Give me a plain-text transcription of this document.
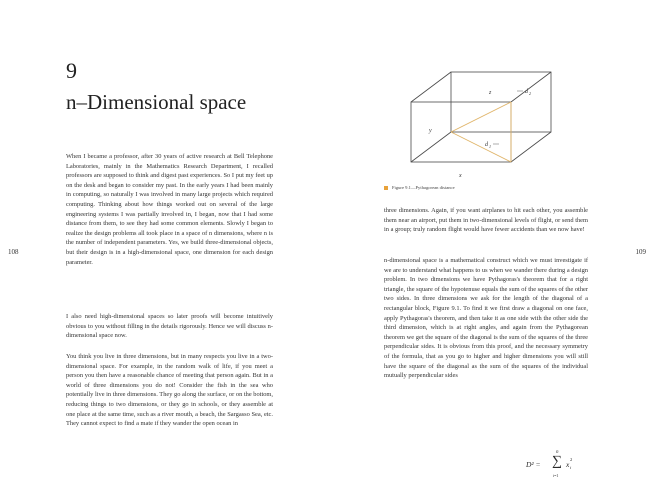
9
n–Dimensional space

When I became a professor, after 30 years of active research at Bell Telephone Laboratories, mainly in the Mathematics Research Department, I recalled professors are supposed to think and digest past experiences. So I put my feet up on the desk and began to consider my past. In the early years I had been mainly in computing, so naturally I was involved in many large projects which required computing. Thinking about how things worked out on several of the large engineering systems I was partially involved in, I began, now that I had some distance from them, to see they had some common elements. Slowly I began to realize the design problems all took place in a space of n dimensions, where n is the number of independent parameters. Yes, we build three-dimensional objects, but their design is in a high-dimensional space, one dimension for each design parameter.

I also need high-dimensional spaces so later proofs will become intuitively obvious to you without filling in the details rigorously. Hence we will discuss n-dimensional space now.

You think you live in three dimensions, but in many respects you live in a two-dimensional space. For example, in the random walk of life, if you meet a person you then have a reasonable chance of meeting that person again. But in a world of three dimensions you do not! Consider the fish in the sea who potentially live in three dimensions. They go along the surface, or on the bottom, reducing things to two dimensions, or they go in schools, or they assemble at one place at the same time, such as a river mouth, a beach, the Sargasso Sea, etc. They cannot expect to find a mate if they wander the open ocean in

108
z
y
x
d 2
d 1
Figure 9.1—Pythagorean distance

three dimensions. Again, if you want airplanes to hit each other, you assemble them near an airport, put them in two-dimensional levels of flight, or send them in a group; truly random flight would have fewer accidents than we now have!

n-dimensional space is a mathematical construct which we must investigate if we are to understand what happens to us when we wander there during a design problem. In two dimensions we have Pythagoras's theorem that for a right triangle, the square of the hypotenuse equals the sum of the squares of the other two sides. In three dimensions we ask for the length of the diagonal of a rectangular block, Figure 9.1. To find it we first draw a diagonal on one face, apply Pythagoras's theorem, and then take it as one side with the other side the third dimension, which is at right angles, and again from the Pythagorean theorem we get the square of the diagonal is the sum of the squares of the three perpendicular sides. It is obvious from this proof, and the necessary symmetry of the formula, that as you go to higher and higher dimensions you will still have the square of the diagonal as the sum of the squares of the individual mutually perpendicular sides

D² =
n
∑
i=1
x
2
i
109
